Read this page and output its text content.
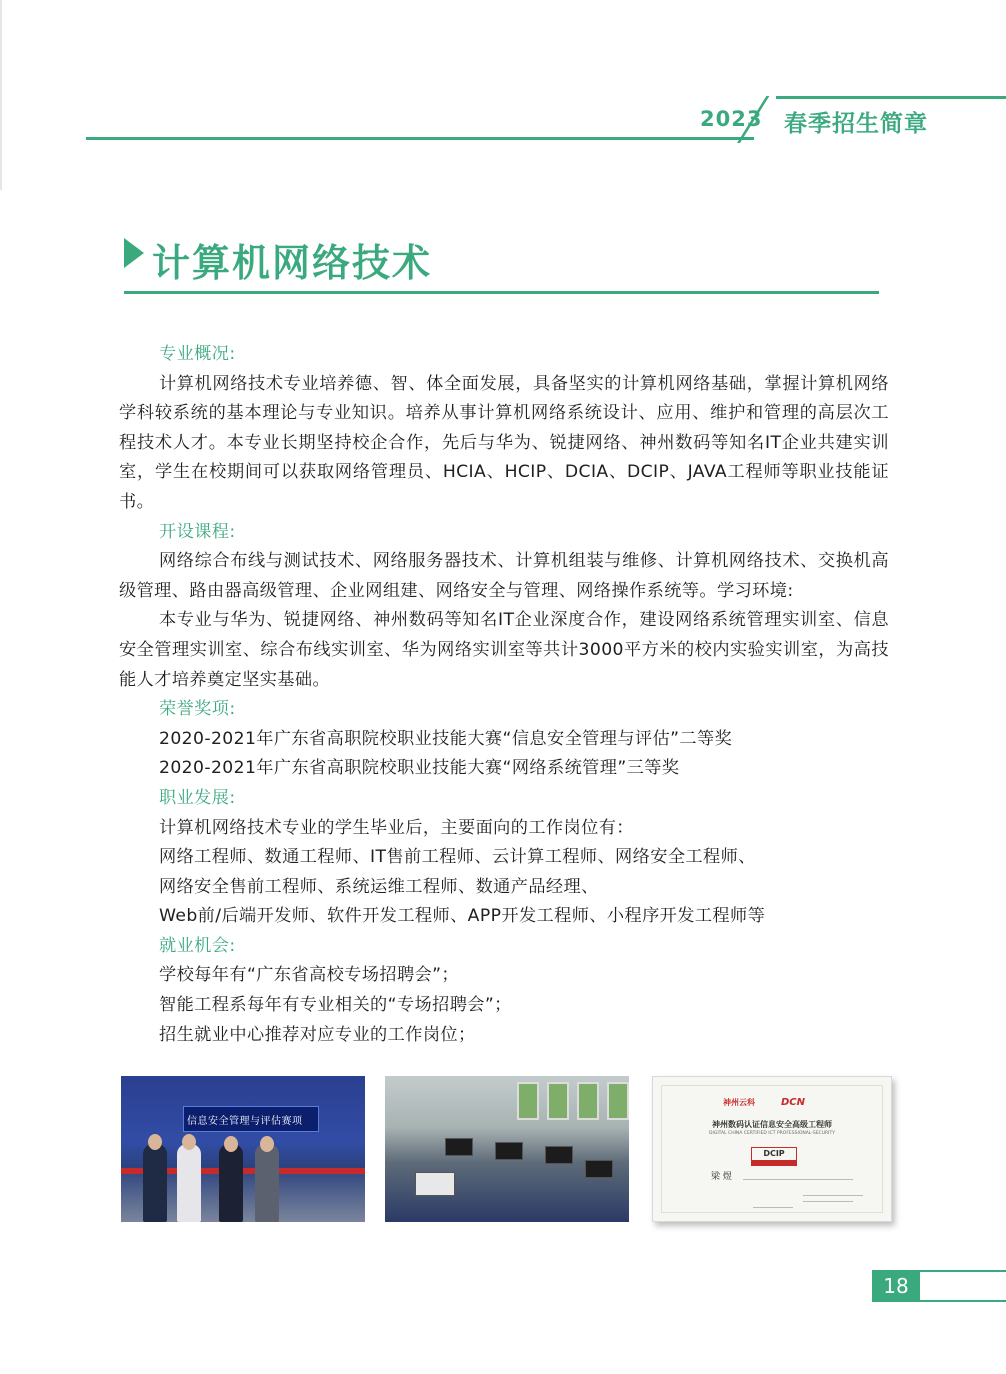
2023 春季招生简章
计算机网络技术
专业概况:
计算机网络技术专业培养德、智、体全面发展，具备坚实的计算机网络基础，掌握计算机网络学科较系统的基本理论与专业知识。培养从事计算机网络系统设计、应用、维护和管理的高层次工程技术人才。本专业长期坚持校企合作，先后与华为、锐捷网络、神州数码等知名IT企业共建实训室，学生在校期间可以获取网络管理员、HCIA、HCIP、DCIA、DCIP、JAVA工程师等职业技能证书。
开设课程:
网络综合布线与测试技术、网络服务器技术、计算机组装与维修、计算机网络技术、交换机高级管理、路由器高级管理、企业网组建、网络安全与管理、网络操作系统等。学习环境:
本专业与华为、锐捷网络、神州数码等知名IT企业深度合作，建设网络系统管理实训室、信息安全管理实训室、综合布线实训室、华为网络实训室等共计3000平方米的校内实验实训室，为高技能人才培养奠定坚实基础。
荣誉奖项:
2020-2021年广东省高职院校职业技能大赛“信息安全管理与评估”二等奖
2020-2021年广东省高职院校职业技能大赛“网络系统管理”三等奖
职业发展:
计算机网络技术专业的学生毕业后，主要面向的工作岗位有：
网络工程师、数通工程师、IT售前工程师、云计算工程师、网络安全工程师、
网络安全售前工程师、系统运维工程师、数通产品经理、
Web前/后端开发师、软件开发工程师、APP开发工程师、小程序开发工程师等
就业机会:
学校每年有“广东省高校专场招聘会”；
智能工程系每年有专业相关的“专场招聘会”；
招生就业中心推荐对应专业的工作岗位；
信息安全管理与评估赛项
神州云科	DCN
神州数码认证信息安全高级工程师
DIGITAL CHINA CERTIFIED ICT PROFESSIONAL-SECURITY
DCIP
梁 煜
18
